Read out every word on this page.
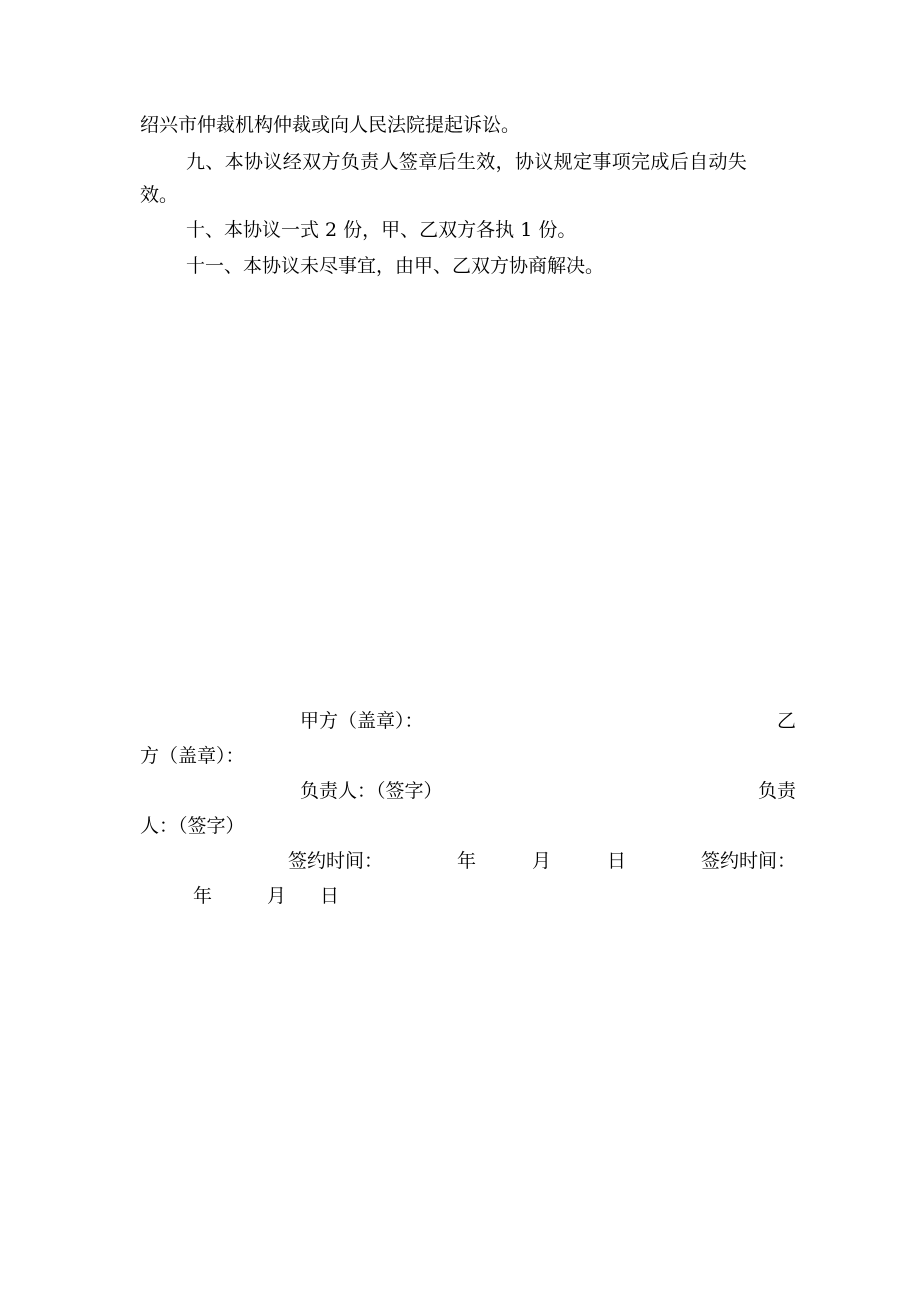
绍兴市仲裁机构仲裁或向人民法院提起诉讼。
九、本协议经双方负责人签章后生效，协议规定事项完成后自动失
效。
十、本协议一式 2 份，甲、乙双方各执 1 份。
十一、本协议未尽事宜，由甲、乙双方协商解决。
甲方（盖章）：	乙
方（盖章）：
负责人：（签字）	负责
人：（签字）
签约时间：	年	月	日	签约时间：
年	月 日
